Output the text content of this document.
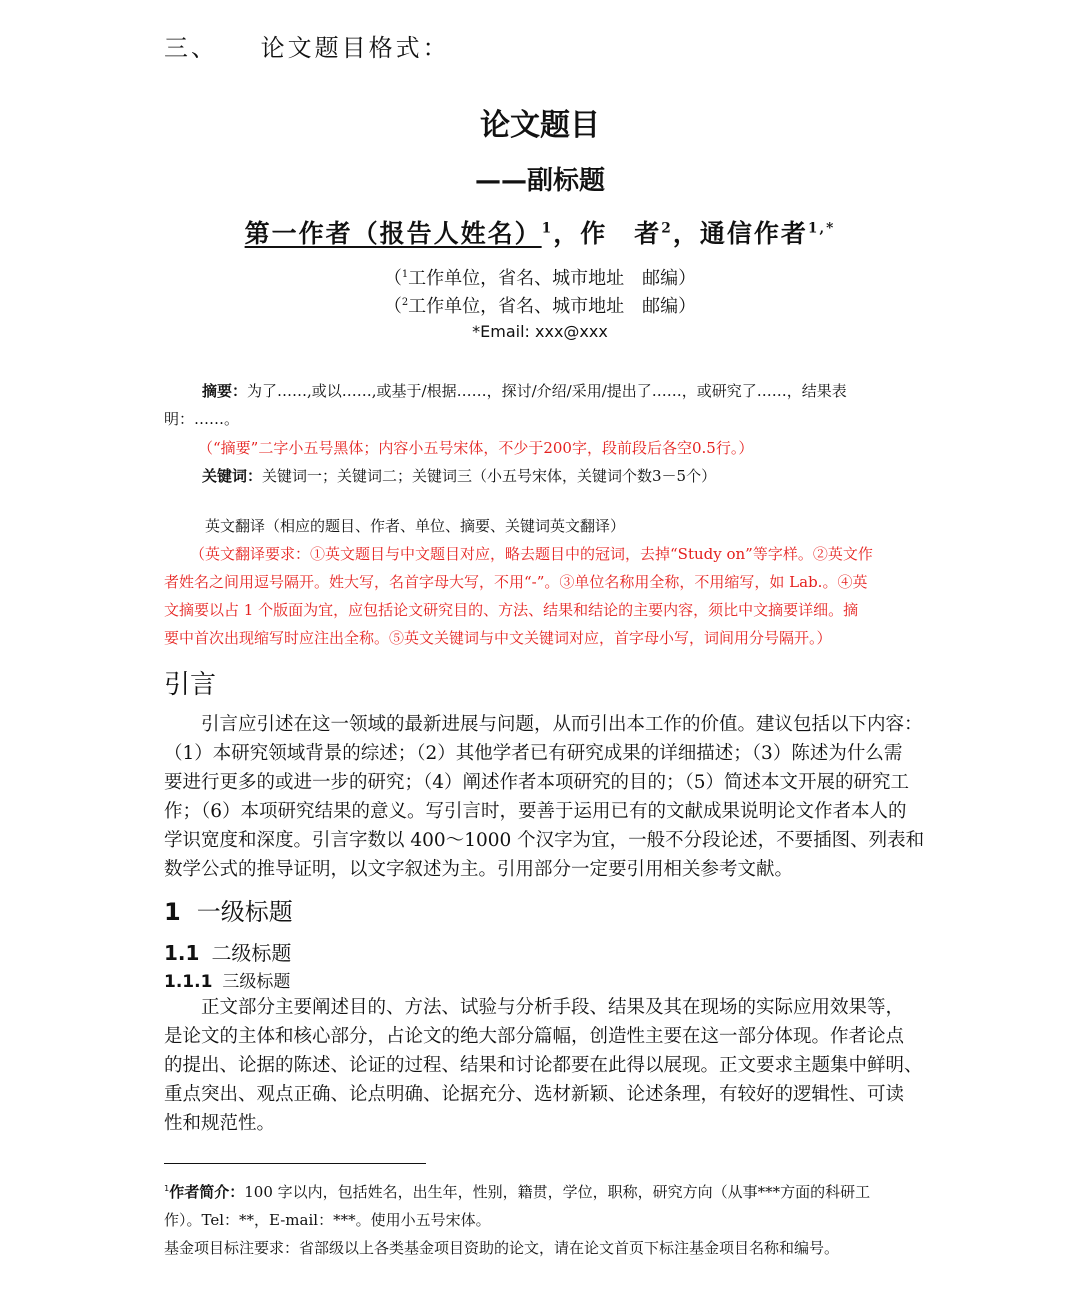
三、 论文题目格式：
论文题目
——副标题
第一作者（报告人姓名）$^1$，作　者$^2$，通信作者$^{1,*}$
（$^1$工作单位，省名、城市地址　邮编）
（$^2$工作单位，省名、城市地址　邮编）
*Email: xxx@xxx
摘要：为了……,或以……,或基于/根据……，探讨/介绍/采用/提出了……，或研究了……，结果表
明：……。
（“摘要”二字小五号黑体；内容小五号宋体，不少于200字，段前段后各空0.5行。）
关键词：关键词一；关键词二；关键词三（小五号宋体，关键词个数3－5个）
英文翻译（相应的题目、作者、单位、摘要、关键词英文翻译）
（英文翻译要求：①英文题目与中文题目对应，略去题目中的冠词，去掉“Study on”等字样。②英文作
者姓名之间用逗号隔开。姓大写，名首字母大写，不用“-”。③单位名称用全称，不用缩写，如 Lab.。④英
文摘要以占 1 个版面为宜，应包括论文研究目的、方法、结果和结论的主要内容，须比中文摘要详细。摘
要中首次出现缩写时应注出全称。⑤英文关键词与中文关键词对应，首字母小写，词间用分号隔开。）
引言
　　引言应引述在这一领域的最新进展与问题，从而引出本工作的价值。建议包括以下内容：
（1）本研究领域背景的综述；（2）其他学者已有研究成果的详细描述；（3）陈述为什么需
要进行更多的或进一步的研究；（4）阐述作者本项研究的目的；（5）简述本文开展的研究工
作；（6）本项研究结果的意义。写引言时，要善于运用已有的文献成果说明论文作者本人的
学识宽度和深度。引言字数以 400～1000 个汉字为宜，一般不分段论述，不要插图、列表和
数学公式的推导证明，以文字叙述为主。引用部分一定要引用相关参考文献。
1 一级标题
1.1 二级标题
1.1.1 三级标题
　　正文部分主要阐述目的、方法、试验与分析手段、结果及其在现场的实际应用效果等，
是论文的主体和核心部分，占论文的绝大部分篇幅，创造性主要在这一部分体现。作者论点
的提出、论据的陈述、论证的过程、结果和讨论都要在此得以展现。正文要求主题集中鲜明、
重点突出、观点正确、论点明确、论据充分、选材新颖、论述条理，有较好的逻辑性、可读
性和规范性。
$^1$作者简介：100 字以内，包括姓名，出生年，性别，籍贯，学位，职称，研究方向（从事***方面的科研工
作）。Tel：**，E-mail：***。使用小五号宋体。
基金项目标注要求：省部级以上各类基金项目资助的论文，请在论文首页下标注基金项目名称和编号。
